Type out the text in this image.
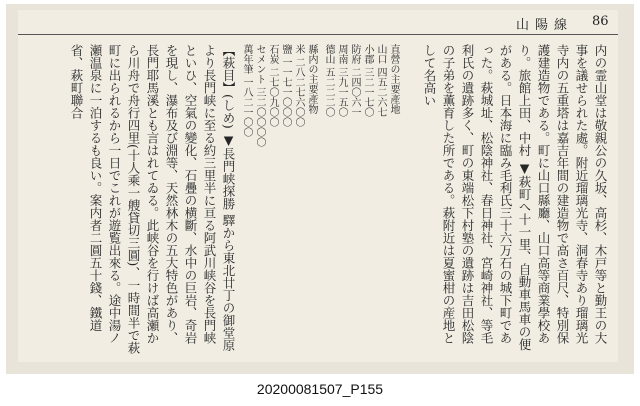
山陽線 86
内の霊山堂は敬親公の久坂、高杉、木戸等と勤王の大事を議せられた處。附近瑠璃光寺、洞春寺あり瑠璃光寺内の五重塔は嘉吉年間の建造物で高さ百尺、特別保護建造物である。町に山口縣廳、山口高等商業學校あり。旅館上田、中村 ▼萩町へ十一里、自動車馬車の便がある。日本海に臨み毛利氏三十六万石の城下町であった。萩城址、松陰神社、春日神社、宮崎神社、等毛利氏の遺跡多く、町の東端松下村塾の遺跡は吉田松陰の子弟を薫育した所である。萩附近は夏蜜柑の産地として名高い
直營の主要產地
山口 四五二六七
小郡 三二一七〇
防府 二四〇六一
周南 三九一五〇
德山 五二二二〇
縣内の主要產物
米 二八二七六〇〇
鹽 一一七一〇〇〇
石炭 二七〇九〇〇
セメント 三二〇〇〇〇
萬年筆 一八二一〇〇
【萩目】(しめ) ▼長門峡探勝 驛から東北廿丁の御堂原より長門峡に至る約三里半に亘る阿武川峡谷を長門峡といひ、空氣の變化、石疊の横斷、水中の巨岩、奇岩を現し、瀑布及び淵等、天然林木の五大特色があり、長門耶馬溪とも言はれてゐる。此峡谷を行けば高瀬から川舟で舟行四里(十人乘一艘貸切三圓)、一時間半で萩町に出られるから一日でこれが遊覧出來る。途中湯ノ瀬温泉に一泊するも良い。案内者二圓五十錢、鐵道省、萩町聯合
20200081507_P155
